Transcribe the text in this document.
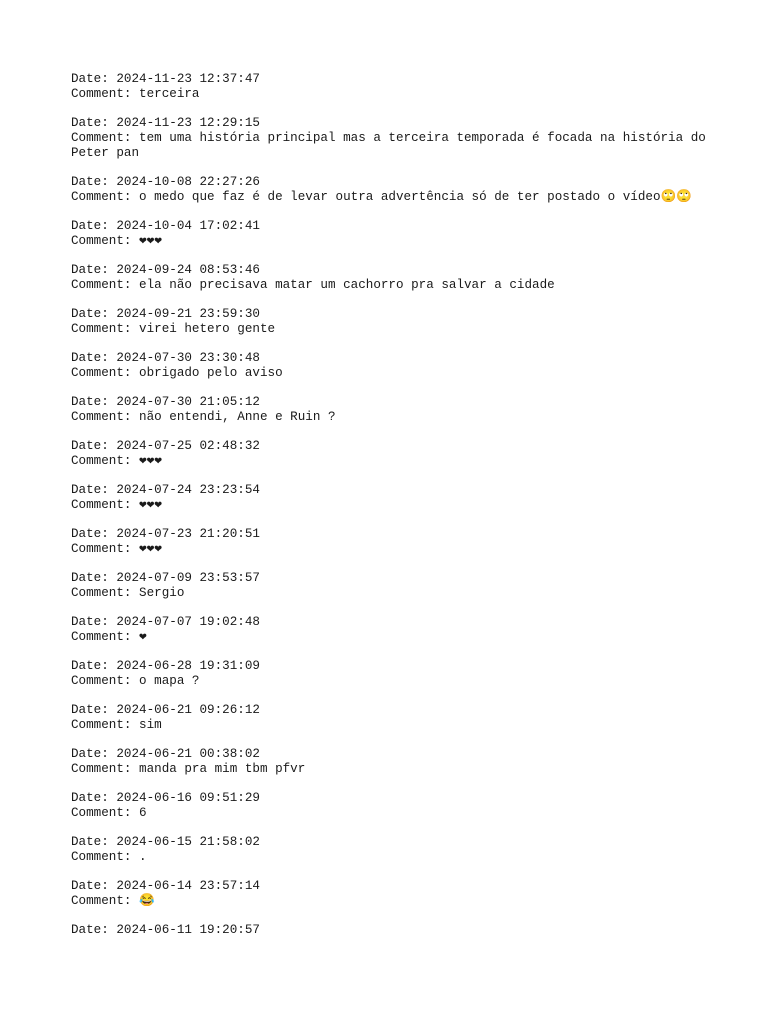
Date: 2024-11-23 12:37:47
Comment: terceira
Date: 2024-11-23 12:29:15
Comment: tem uma história principal mas a terceira temporada é focada na história do Peter pan
Date: 2024-10-08 22:27:26
Comment: o medo que faz é de levar outra advertência só de ter postado o vídeo🙄🙄
Date: 2024-10-04 17:02:41
Comment: ❤❤❤
Date: 2024-09-24 08:53:46
Comment: ela não precisava matar um cachorro pra salvar a cidade
Date: 2024-09-21 23:59:30
Comment: virei hetero gente
Date: 2024-07-30 23:30:48
Comment: obrigado pelo aviso
Date: 2024-07-30 21:05:12
Comment: não entendi, Anne e Ruin ?
Date: 2024-07-25 02:48:32
Comment: ❤❤❤
Date: 2024-07-24 23:23:54
Comment: ❤❤❤
Date: 2024-07-23 21:20:51
Comment: ❤❤❤
Date: 2024-07-09 23:53:57
Comment: Sergio
Date: 2024-07-07 19:02:48
Comment: ❤
Date: 2024-06-28 19:31:09
Comment: o mapa ?
Date: 2024-06-21 09:26:12
Comment: sim
Date: 2024-06-21 00:38:02
Comment: manda pra mim tbm pfvr
Date: 2024-06-16 09:51:29
Comment: 6
Date: 2024-06-15 21:58:02
Comment: .
Date: 2024-06-14 23:57:14
Comment: 😂
Date: 2024-06-11 19:20:57
